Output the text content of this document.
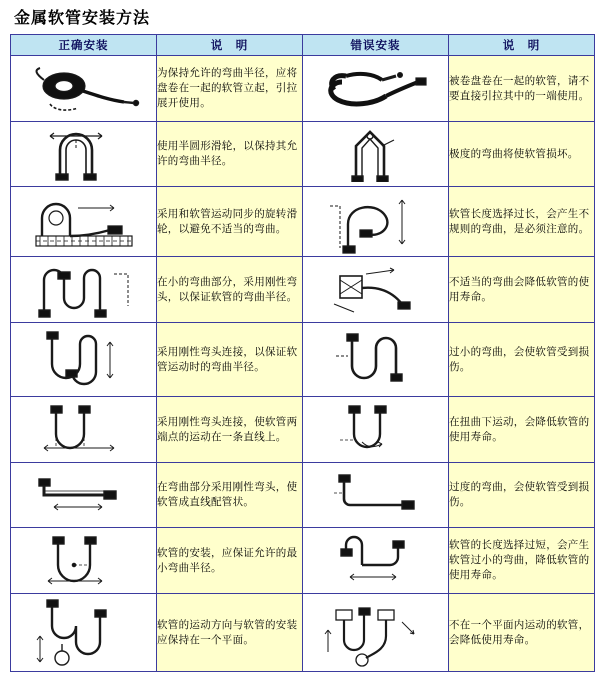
金属软管安装方法
正确安装	说　明	错误安装	说　明

	为保持允许的弯曲半径，应将盘卷在一起的软管立起，引拉展开使用。		被卷盘卷在一起的软管，请不要直接引拉其中的一端使用。

	使用半圆形滑轮，以保持其允许的弯曲半径。		极度的弯曲将使软管损坏。

	采用和软管运动同步的旋转滑轮，以避免不适当的弯曲。		软管长度选择过长，会产生不规则的弯曲，是必须注意的。

	在小的弯曲部分，采用刚性弯头，以保证软管的弯曲半径。		不适当的弯曲会降低软管的使用寿命。

	采用刚性弯头连接，以保证软管运动时的弯曲半径。		过小的弯曲，会使软管受到损伤。

	采用刚性弯头连接，使软管两端点的运动在一条直线上。		在扭曲下运动，会降低软管的使用寿命。

	在弯曲部分采用刚性弯头，使软管成直线配管状。		过度的弯曲，会使软管受到损伤。

	软管的安装，应保证允许的最小弯曲半径。		软管的长度选择过短，会产生软管过小的弯曲，降低软管的使用寿命。

	软管的运动方向与软管的安装应保持在一个平面。		不在一个平面内运动的软管，会降低使用寿命。
